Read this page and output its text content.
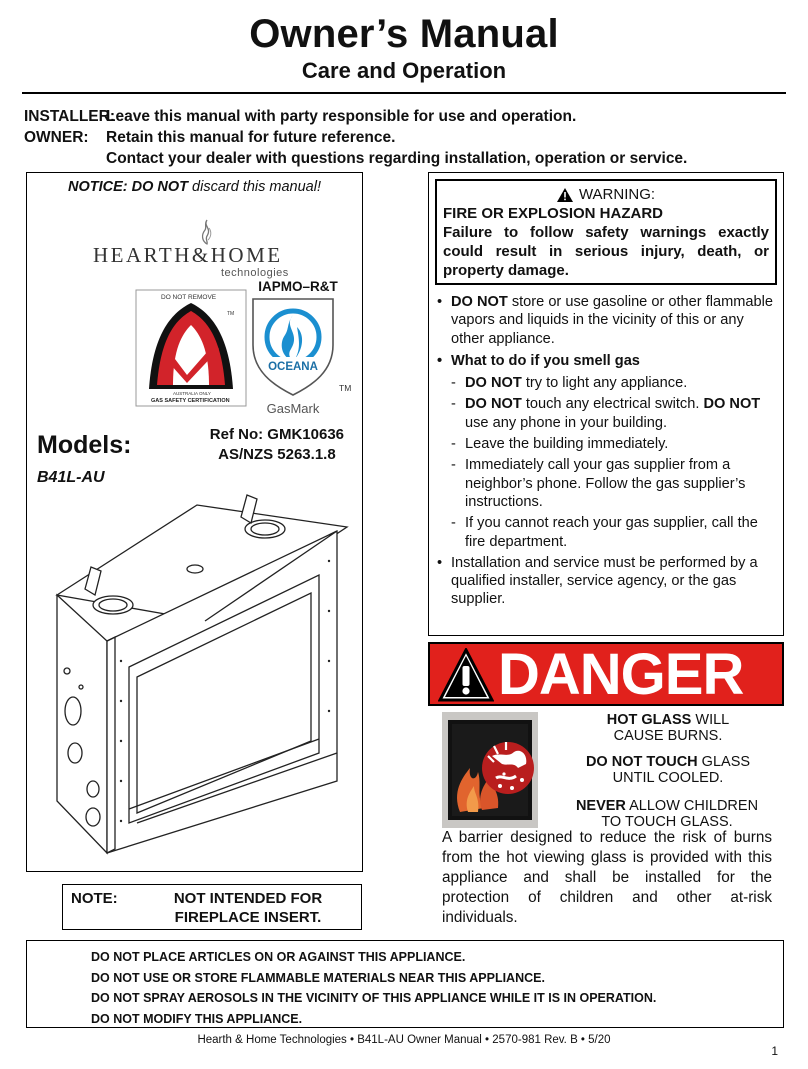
Owner’s Manual
Care and Operation
INSTALLER:
Leave this manual with party responsible for use and operation.
OWNER:	Retain this manual for future reference.
Contact your dealer with questions regarding installation, operation or service.
NOTICE: DO NOT discard this manual!
HEARTH&HOME
technologies
DO NOT REMOVE
TM
AUSTRALIA ONLY
GAS SAFETY CERTIFICATION
IAPMO–R&T
OCEANA
TM
GasMark
Models:
B41L-AU
Ref No: GMK10636
AS/NZS 5263.1.8
NOTE:	NOT INTENDED FOR
FIREPLACE INSERT.
WARNING:
FIRE OR EXPLOSION HAZARD
Failure to follow safety warnings exactly could result in serious injury, death, or property damage.
• DO NOT store or use gasoline or other flammable vapors and liquids in the vicinity of this or any other appliance.
• What to do if you smell gas
- DO NOT try to light any appliance.
- DO NOT touch any electrical switch. DO NOT use any phone in your building.
- Leave the building immediately.
- Immediately call your gas supplier from a neighbor’s phone. Follow the gas supplier’s instructions.
- If you cannot reach your gas supplier, call the fire department.
• Installation and service must be performed by a qualified installer, service agency, or the gas supplier.
DANGER
HOT GLASS WILL
CAUSE BURNS.
DO NOT TOUCH GLASS
UNTIL COOLED.
NEVER ALLOW CHILDREN
TO TOUCH GLASS.
A barrier designed to reduce the risk of burns from the hot viewing glass is provided with this appliance and shall be installed for the protection of children and other at-risk individuals.
DO NOT PLACE ARTICLES ON OR AGAINST THIS APPLIANCE.
DO NOT USE OR STORE FLAMMABLE MATERIALS NEAR THIS APPLIANCE.
DO NOT SPRAY AEROSOLS IN THE VICINITY OF THIS APPLIANCE WHILE IT IS IN OPERATION.
DO NOT MODIFY THIS APPLIANCE.
Hearth & Home Technologies • B41L-AU Owner Manual • 2570-981 Rev. B • 5/20
1
